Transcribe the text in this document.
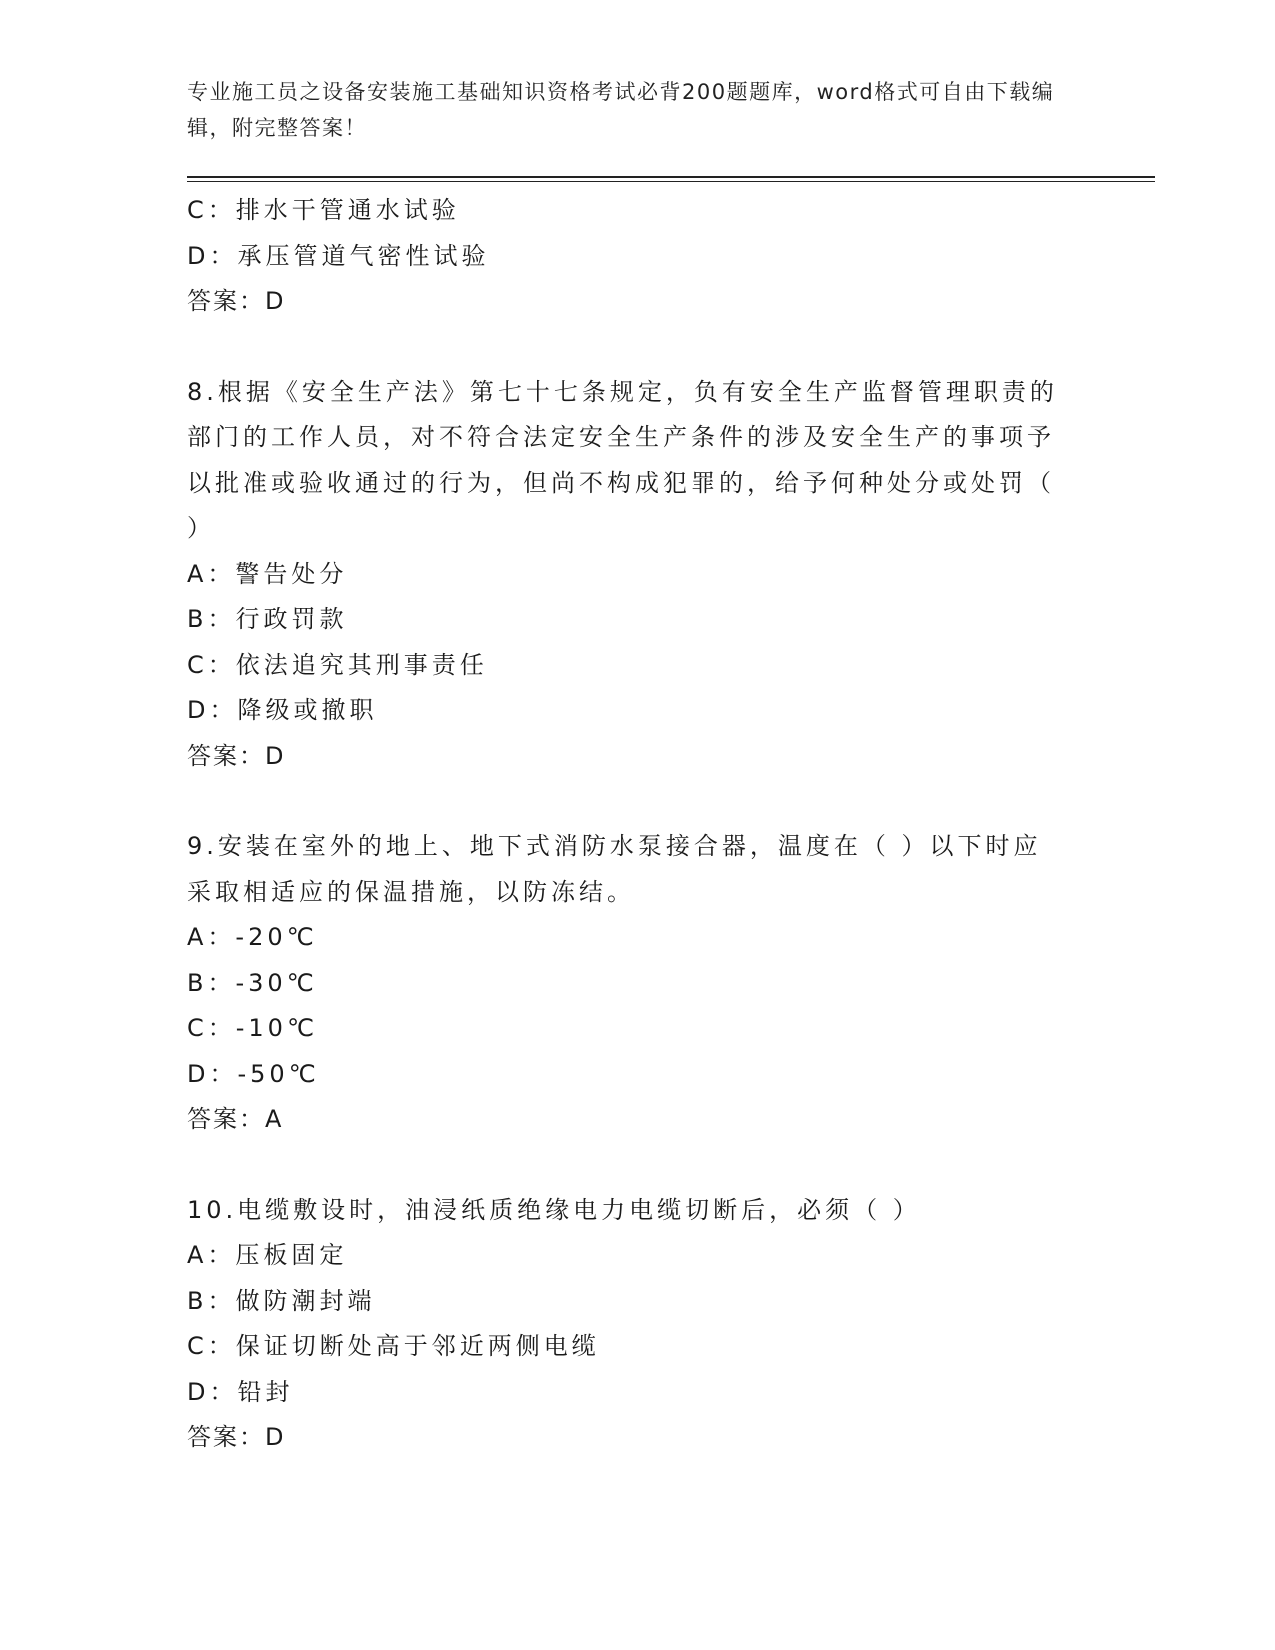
专业施工员之设备安装施工基础知识资格考试必背200题题库，word格式可自由下载编辑，附完整答案！
C：排水干管通水试验
D：承压管道气密性试验
答案：D
8.根据《安全生产法》第七十七条规定，负有安全生产监督管理职责的部门的工作人员，对不符合法定安全生产条件的涉及安全生产的事项予以批准或验收通过的行为，但尚不构成犯罪的，给予何种处分或处罚（ ）
A：警告处分
B：行政罚款
C：依法追究其刑事责任
D：降级或撤职
答案：D
9.安装在室外的地上、地下式消防水泵接合器，温度在（ ）以下时应采取相适应的保温措施，以防冻结。
A：-20℃
B：-30℃
C：-10℃
D：-50℃
答案：A
10.电缆敷设时，油浸纸质绝缘电力电缆切断后，必须（ ）
A：压板固定
B：做防潮封端
C：保证切断处高于邻近两侧电缆
D：铅封
答案：D
